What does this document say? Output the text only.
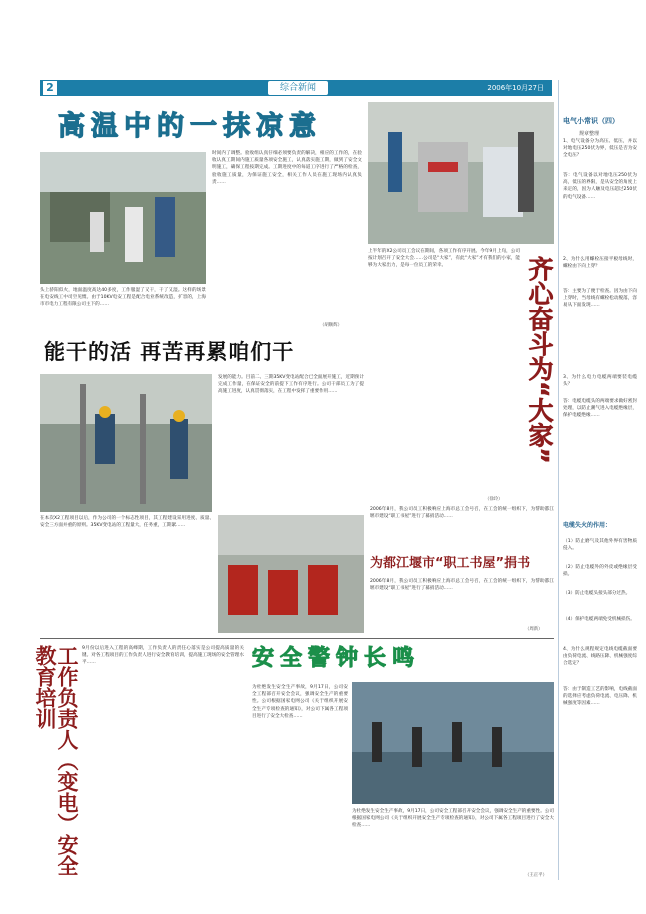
2	综合新闻	2006年10月27日
高温中的一抹凉意
头上骄阳似火，地面温度高达40多度，工作服湿了又干，干了又湿。这样的场景在电安线工中司空见惯。由于10KV电安工程是配合电业系统改造，扩容的，上海市市电力工程有限公司主下的……
时间内了调整。验收组认真仔细必须要负责的解决，相应的工作的，在验收认真工期间内施工质量各项安全施工，认真落实施工期，做到了安全文明施工，确保工程按期完成。工期进度中的每道工序进行了严格的检查，验收施工质量，为保证施工安全，相关工作人员在施工现场内认真负责……
（胡顺辉）
上半年的X2公司员工会议在期间，各项工作有序开展。今年9月上旬，公司按计划召开了安全大会……公司是“大家”，有此“大家”才有我们的小家，能够为大家出力，是每一位员工的荣幸。
（徐玲）
齐心奋斗为“大家”
能干的活 再苦再累咱们干
发展的能力。目前二、三期35KV变电站配合已全面展开施工，近期预计完成工作量，在保证安全的前提下工作有序进行。公司干部员工为了提高施工进度，认真贯彻落实，在工程中发挥了重要作用……
在本次X2工程项目以后，作为公司的一个标志性项目，其工程建设采用进度、质量、安全三方面并重的原则。35KV变电站的工程量大，任务重，工期紧……
2006年8月，我公司员工积极响应上海市总工会号召，在工会的统一组织下，为帮助都江堰市建设“职工书屋”进行了募捐活动……
为都江堰市“职工书屋”捐书
2006年8月，我公司员工积极响应上海市总工会号召，在工会的统一组织下，为帮助都江堰市建设“职工书屋”进行了募捐活动……
（周新）
工作负责人（变电）安全教育培训	9月份以后进入工程的高峰期，工作负责人的责任心落实是公司提高质量的关键。对各工程项目的工作负责人进行安全教育培训，提高施工现场的安全管理水平……	安全警钟长鸣
为杜绝发生安全生产事故，9月17日，公司安全工程部召开安全会议，强调安全生产的重要性。公司根据国家电网公司《关于组织开展安全生产专项检查的通知》，对公司下属各工程项目进行了安全大检查……
为杜绝发生安全生产事故，9月17日，公司安全工程部召开安全会议，强调安全生产的重要性。公司根据国家电网公司《关于组织开展安全生产专项检查的通知》，对公司下属各工程项目进行了安全大检查……
（王正平）
电气小常识（四）
规章整理
1、电气设备分为高压、低压，并以对地电压250伏为界，低压是否为安全电压？
答：电气设备以对地电压250伏为高，低压的界限，是从安全的角度上来定的，因为人触及电压超过250伏的电气设备……
2、为什么用螺栓压接平板母线时，螺栓由下向上穿？
答：主要为了便于检查。因为由下向上穿时，当母线有螺栓松动脱落，容易从下面发现……
3、为什么电力电缆两端要装电缆头？
答：电缆电缆头的两端要求做好密封处理，以防止潮气进入电缆绝缘层，保护电缆绝缘……
电缆失火的作用：
（1）防止磨气及其他外界有害物质侵入。
（2）防止电缆外的外皮或绝缘层受损。
（3）防止电缆头接头部分过热。
（4）保护电缆两端免受机械损伤。
4、为什么规程规定电线电缆截面要由负荷电流、线路压降、机械强度综合选定？
答：由于制造工艺的影响，电线截面的选择应考虑负荷电流、电压降、机械强度等因素……
